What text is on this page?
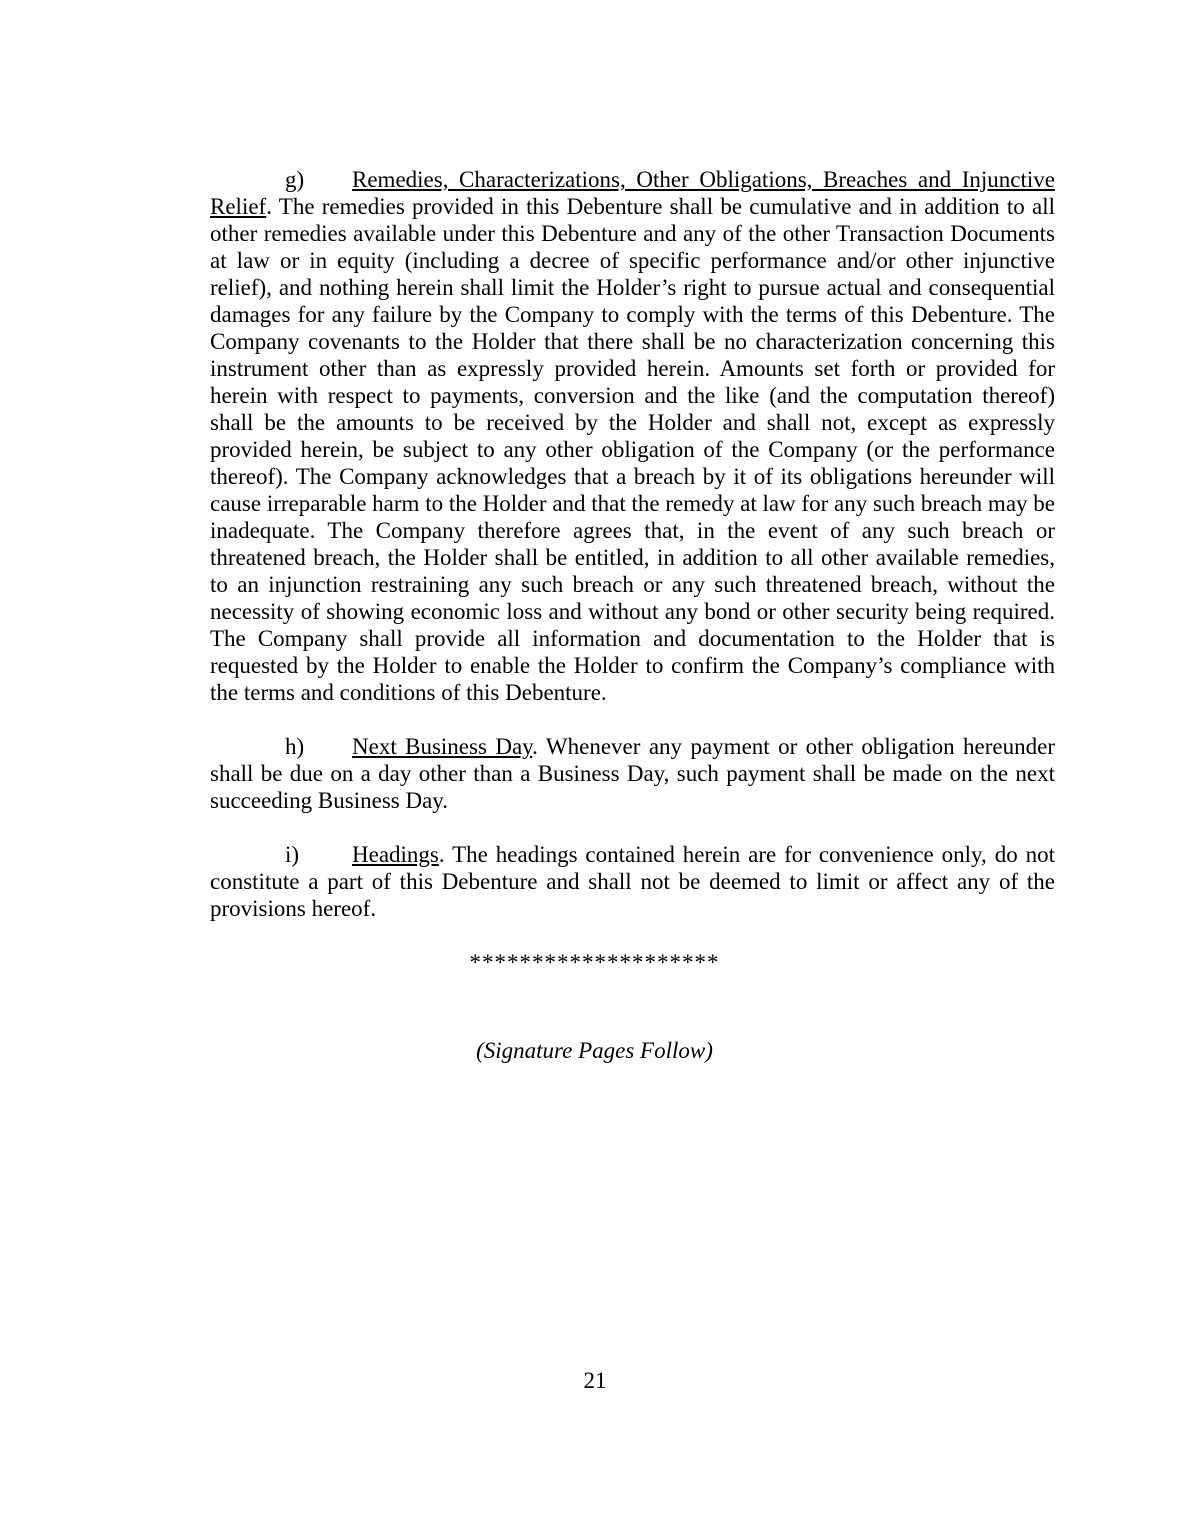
g) Remedies, Characterizations, Other Obligations, Breaches and Injunctive Relief. The remedies provided in this Debenture shall be cumulative and in addition to all other remedies available under this Debenture and any of the other Transaction Documents at law or in equity (including a decree of specific performance and/or other injunctive relief), and nothing herein shall limit the Holder’s right to pursue actual and consequential damages for any failure by the Company to comply with the terms of this Debenture. The Company covenants to the Holder that there shall be no characterization concerning this instrument other than as expressly provided herein. Amounts set forth or provided for herein with respect to payments, conversion and the like (and the computation thereof) shall be the amounts to be received by the Holder and shall not, except as expressly provided herein, be subject to any other obligation of the Company (or the performance thereof). The Company acknowledges that a breach by it of its obligations hereunder will cause irreparable harm to the Holder and that the remedy at law for any such breach may be inadequate. The Company therefore agrees that, in the event of any such breach or threatened breach, the Holder shall be entitled, in addition to all other available remedies, to an injunction restraining any such breach or any such threatened breach, without the necessity of showing economic loss and without any bond or other security being required. The Company shall provide all information and documentation to the Holder that is requested by the Holder to enable the Holder to confirm the Company’s compliance with the terms and conditions of this Debenture.

h) Next Business Day. Whenever any payment or other obligation hereunder shall be due on a day other than a Business Day, such payment shall be made on the next succeeding Business Day.

i) Headings. The headings contained herein are for convenience only, do not constitute a part of this Debenture and shall not be deemed to limit or affect any of the provisions hereof.

********************
(Signature Pages Follow)
21
